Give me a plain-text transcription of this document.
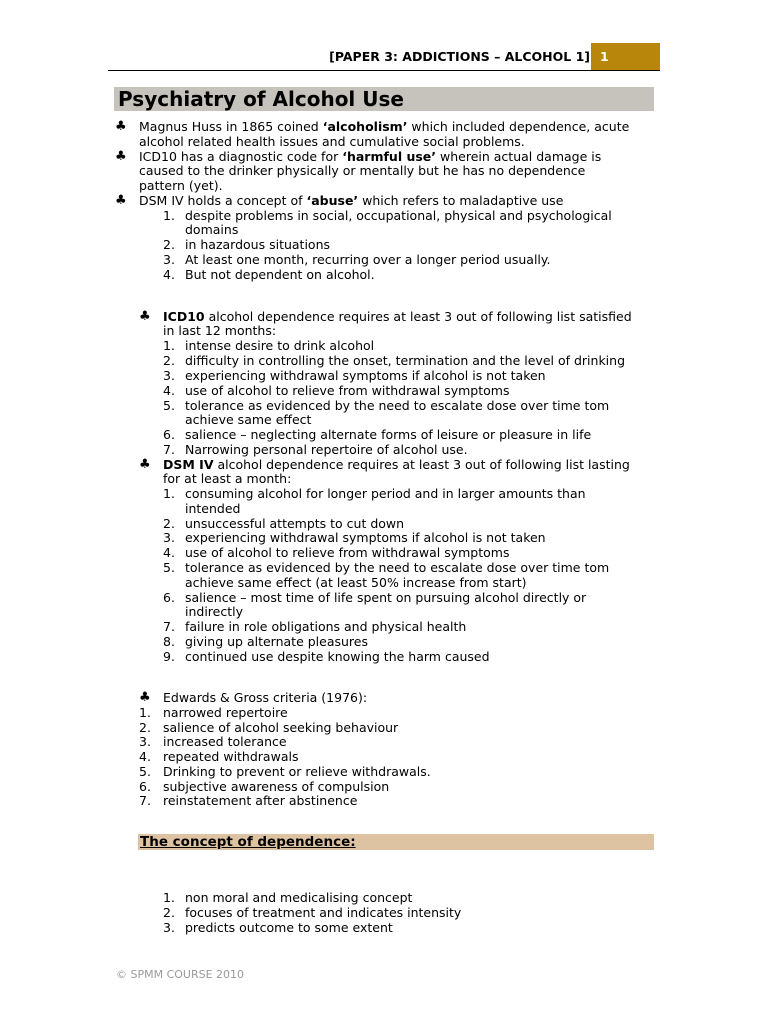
[PAPER 3: ADDICTIONS – ALCOHOL 1] 1
Psychiatry of Alcohol Use
♣ Magnus Huss in 1865 coined ‘alcoholism’ which included dependence, acute
alcohol related health issues and cumulative social problems.
♣ ICD10 has a diagnostic code for ‘harmful use’ wherein actual damage is
caused to the drinker physically or mentally but he has no dependence
pattern (yet).
♣ DSM IV holds a concept of ‘abuse’ which refers to maladaptive use
1. despite problems in social, occupational, physical and psychological
domains
2. in hazardous situations
3. At least one month, recurring over a longer period usually.
4. But not dependent on alcohol.
♣ ICD10 alcohol dependence requires at least 3 out of following list satisfied
in last 12 months:
1. intense desire to drink alcohol
2. difficulty in controlling the onset, termination and the level of drinking
3. experiencing withdrawal symptoms if alcohol is not taken
4. use of alcohol to relieve from withdrawal symptoms
5. tolerance as evidenced by the need to escalate dose over time tom
achieve same effect
6. salience – neglecting alternate forms of leisure or pleasure in life
7. Narrowing personal repertoire of alcohol use.
♣ DSM IV alcohol dependence requires at least 3 out of following list lasting
for at least a month:
1. consuming alcohol for longer period and in larger amounts than
intended
2. unsuccessful attempts to cut down
3. experiencing withdrawal symptoms if alcohol is not taken
4. use of alcohol to relieve from withdrawal symptoms
5. tolerance as evidenced by the need to escalate dose over time tom
achieve same effect (at least 50% increase from start)
6. salience – most time of life spent on pursuing alcohol directly or
indirectly
7. failure in role obligations and physical health
8. giving up alternate pleasures
9. continued use despite knowing the harm caused
♣ Edwards & Gross criteria (1976):
1. narrowed repertoire
2. salience of alcohol seeking behaviour
3. increased tolerance
4. repeated withdrawals
5. Drinking to prevent or relieve withdrawals.
6. subjective awareness of compulsion
7. reinstatement after abstinence
The concept of dependence:
1. non moral and medicalising concept
2. focuses of treatment and indicates intensity
3. predicts outcome to some extent
© SPMM COURSE 2010
